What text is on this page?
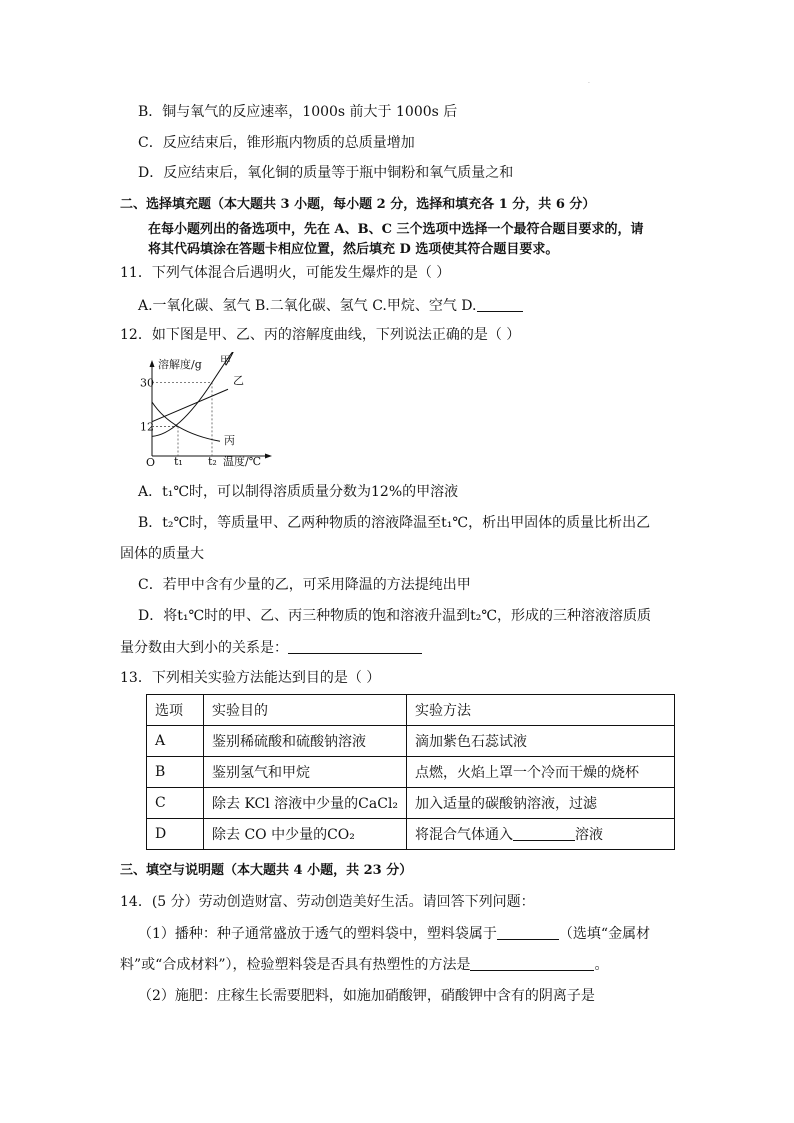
·
B．铜与氧气的反应速率，1000s 前大于 1000s 后
C．反应结束后，锥形瓶内物质的总质量增加
D．反应结束后，氧化铜的质量等于瓶中铜粉和氧气质量之和
二、选择填充题（本大题共 3 小题，每小题 2 分，选择和填充各 1 分，共 6 分）
在每小题列出的备选项中，先在 A、B、C 三个选项中选择一个最符合题目要求的，请
将其代码填涂在答题卡相应位置，然后填充 D 选项使其符合题目要求。
11．下列气体混合后遇明火，可能发生爆炸的是（ ）
A.一氧化碳、氢气 B.二氧化碳、氢气 C.甲烷、空气 D.
12．如下图是甲、乙、丙的溶解度曲线，下列说法正确的是（ ）
甲
乙
丙
溶解度/g
温度/℃
O
30
12
t₁ t₂
A．t₁℃时，可以制得溶质质量分数为12%的甲溶液
B．t₂℃时，等质量甲、乙两种物质的溶液降温至t₁℃，析出甲固体的质量比析出乙
固体的质量大
C．若甲中含有少量的乙，可采用降温的方法提纯出甲
D．将t₁℃时的甲、乙、丙三种物质的饱和溶液升温到t₂℃，形成的三种溶液溶质质
量分数由大到小的关系是：
13．下列相关实验方法能达到目的是（ ）
选项	实验目的	实验方法
A	鉴别稀硫酸和硫酸钠溶液	滴加紫色石蕊试液
B	鉴别氢气和甲烷	点燃，火焰上罩一个冷而干燥的烧杯
C	除去 KCl 溶液中少量的CaCl₂	加入适量的碳酸钠溶液，过滤
D	除去 CO 中少量的CO₂	将混合气体通入 溶液
三、填空与说明题（本大题共 4 小题，共 23 分）
14．(5 分）劳动创造财富、劳动创造美好生活。请回答下列问题：
（1）播种：种子通常盛放于透气的塑料袋中，塑料袋属于	（选填“金属材
料”或“合成材料”），检验塑料袋是否具有热塑性的方法是	。
（2）施肥：庄稼生长需要肥料，如施加硝酸钾，硝酸钾中含有的阴离子是
